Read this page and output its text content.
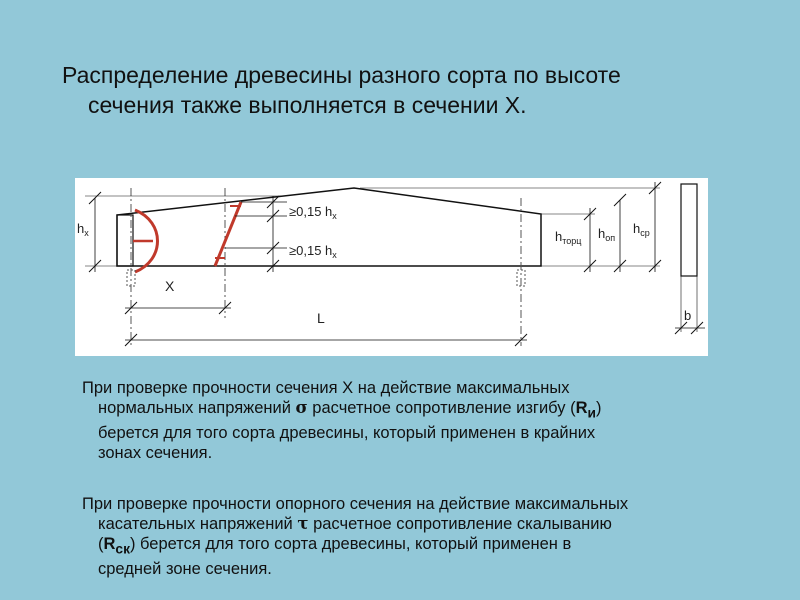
Распределение древесины разного сорта по высоте
сечения также выполняется в сечении X.
≥0,15 $h_x$
≥0,15 $h_x$
$h_x$	$h_{торц}$ $h_{оп}$
$h_{ср}$
b
X
L
При проверке прочности сечения X на действие максимальных
нормальных напряжений σ расчетное сопротивление изгибу $(R_и)$
берется для того сорта древесины, который применен в крайних
зонах сечения.
При проверке прочности опорного сечения на действие максимальных
касательных напряжений τ расчетное сопротивление скалыванию
$(R_{ск})$ берется для того сорта древесины, который применен в
средней зоне сечения.
